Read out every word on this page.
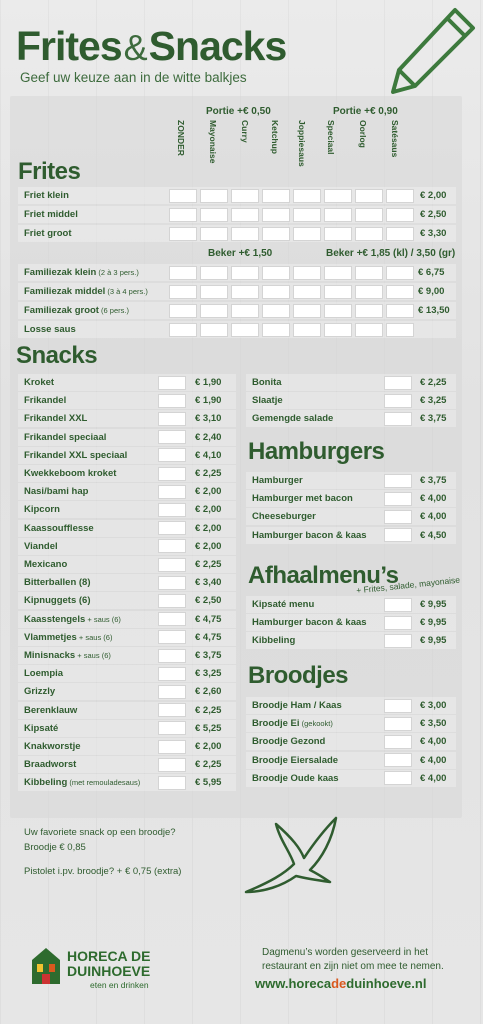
Frites&Snacks
Geef uw keuze aan in de witte balkjes
Portie +€ 0,50	Portie +€ 0,90
ZONDER	Mayonaise	Curry Ketchup Joppiesaus Speciaal	Oorlog	Satésaus
Frites
Friet klein	€ 2,00
Friet middel	€ 2,50
Friet groot	€ 3,30
Beker +€ 1,50	Beker +€ 1,85 (kl) / 3,50 (gr)
Familiezak klein (2 à 3 pers.)	€ 6,75
Familiezak middel (3 à 4 pers.)	€ 9,00
Familiezak groot (6 pers.)	€ 13,50
Losse saus
Snacks
Kroket	€ 1,90
Frikandel	€ 1,90
Frikandel XXL	€ 3,10
Frikandel speciaal	€ 2,40
Frikandel XXL speciaal	€ 4,10
Kwekkeboom kroket	€ 2,25
Nasi/bami hap	€ 2,00
Kipcorn	€ 2,00
Kaassoufflesse	€ 2,00
Viandel	€ 2,00
Mexicano	€ 2,25
Bitterballen (8)	€ 3,40
Kipnuggets (6)	€ 2,50
Kaasstengels + saus (6)	€ 4,75
Vlammetjes + saus (6)	€ 4,75
Minisnacks + saus (6)	€ 3,75
Loempia	€ 3,25
Grizzly	€ 2,60
Berenklauw	€ 2,25
Kipsaté	€ 5,25
Knakworstje	€ 2,00
Braadworst	€ 2,25
Kibbeling (met remouladesaus)	€ 5,95
Bonita	€ 2,25
Slaatje	€ 3,25
Gemengde salade	€ 3,75
Hamburgers
Hamburger	€ 3,75
Hamburger met bacon	€ 4,00
Cheeseburger	€ 4,00
Hamburger bacon & kaas	€ 4,50
Afhaalmenu’s
+ Frites, salade, mayonaise
Kipsaté menu	€ 9,95
Hamburger bacon & kaas	€ 9,95
Kibbeling	€ 9,95
Broodjes
Broodje Ham / Kaas	€ 3,00
Broodje Ei (gekookt)	€ 3,50
Broodje Gezond	€ 4,00
Broodje Eiersalade	€ 4,00
Broodje Oude kaas	€ 4,00
Uw favoriete snack op een broodje?
Broodje € 0,85
Pistolet i.pv. broodje? + € 0,75 (extra)
HORECA DE
DUINHOEVE
eten en drinken
Dagmenu’s worden geserveerd in het restaurant en zijn niet om mee te nemen.
www.horecadeduinhoeve.nl
